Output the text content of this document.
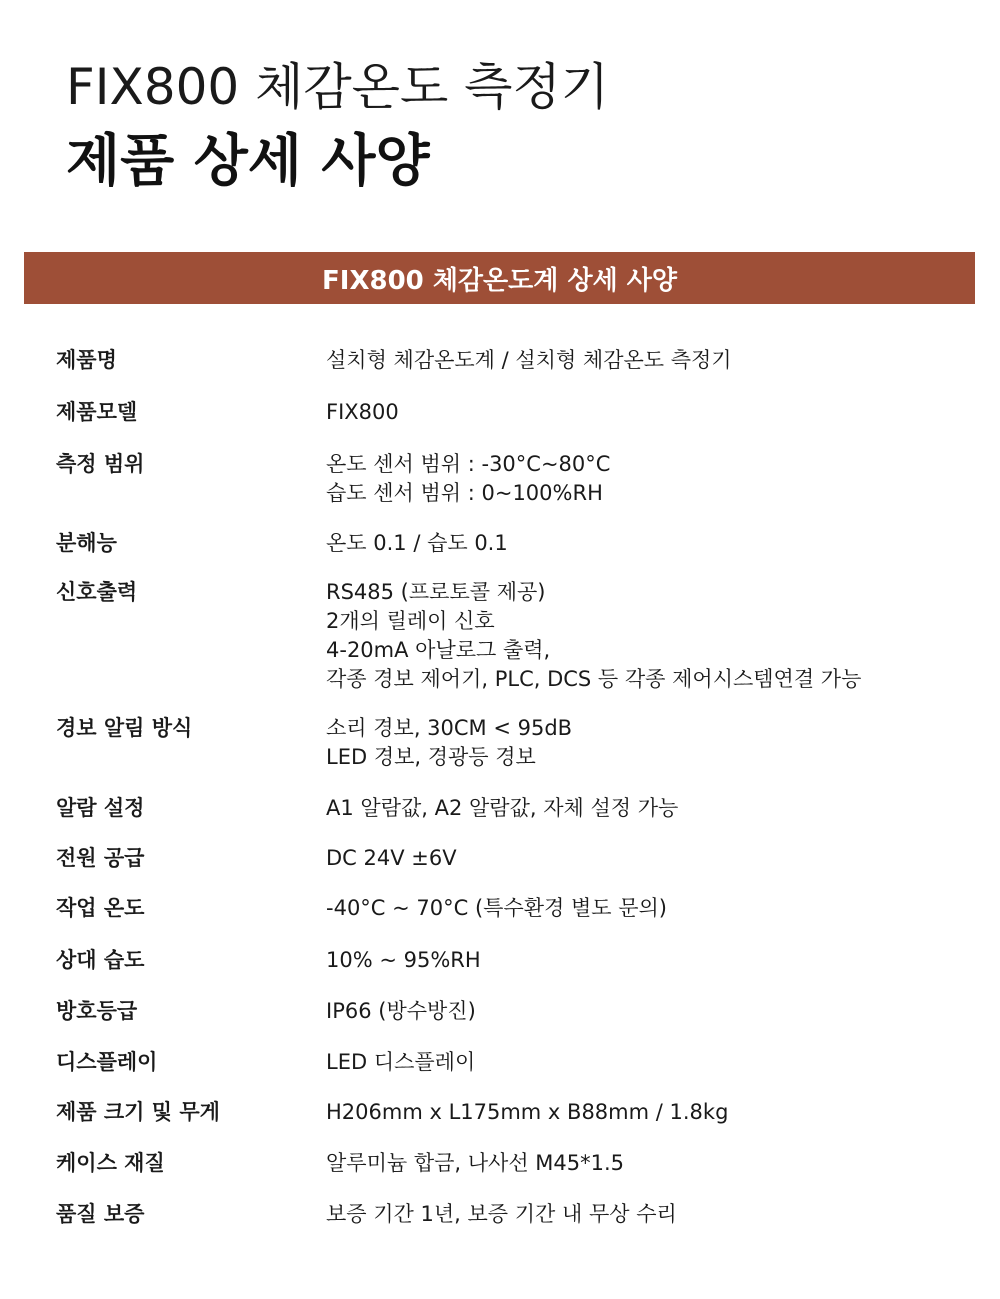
FIX800 체감온도 측정기
제품 상세 사양
FIX800 체감온도계 상세 사양
제품명	설치형 체감온도계 / 설치형 체감온도 측정기
제품모델	FIX800
측정 범위	온도 센서 범위 : -30°C~80°C
습도 센서 범위 : 0~100%RH
분해능	온도 0.1 / 습도 0.1
신호출력	RS485 (프로토콜 제공)
2개의 릴레이 신호
4-20mA 아날로그 출력,
각종 경보 제어기, PLC, DCS 등 각종 제어시스템연결 가능
경보 알림 방식	소리 경보, 30CM < 95dB
LED 경보, 경광등 경보
알람 설정	A1 알람값, A2 알람값, 자체 설정 가능
전원 공급	DC 24V ±6V
작업 온도	-40°C ~ 70°C (특수환경 별도 문의)
상대 습도	10% ~ 95%RH
방호등급	IP66 (방수방진)
디스플레이	LED 디스플레이
제품 크기 및 무게	H206mm x L175mm x B88mm / 1.8kg
케이스 재질	알루미늄 합금, 나사선 M45*1.5
품질 보증	보증 기간 1년, 보증 기간 내 무상 수리
